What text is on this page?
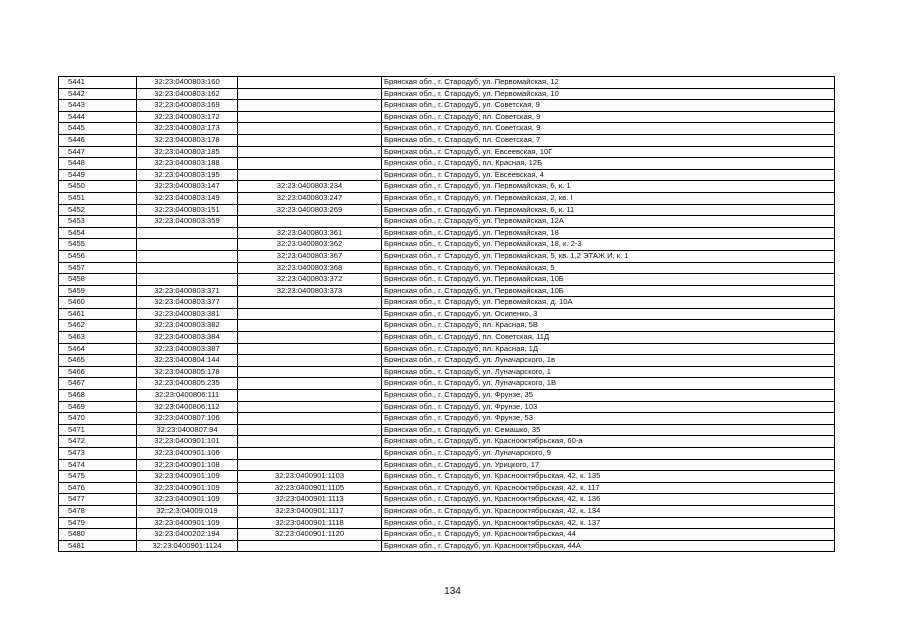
5441	32:23:0400803:160		Брянская обл., г. Стародуб, ул. Первомайская, 12
5442	32:23:0400803:162		Брянская обл., г. Стародуб, ул. Первомайская, 10
5443	32:23:0400803:169		Брянская обл., г. Стародуб, ул. Советская, 9
5444	32:23:0400803:172		Брянская обл., г. Стародуб, пл. Советская, 9
5445	32:23:0400803:173		Брянская обл., г. Стародуб, пл. Советская, 9
5446	32:23:0400803:178		Брянская обл., г. Стародуб, пл. Советская, 7
5447	32:23:0400803:185		Брянская обл., г. Стародуб, ул. Евсеевская, 10Г
5448	32:23:0400803:188		Брянская обл., г. Стародуб, пл. Красная, 12Б
5449	32:23:0400803:195		Брянская обл., г. Стародуб, ул. Евсеевская, 4
5450	32:23:0400803:147	32:23:0400803:234	Брянская обл., г. Стародуб, ул. Первомайская, 6, к. 1
5451	32:23:0400803:149	32:23:0400803:247	Брянская обл., г. Стародуб, ул. Первомайская, 2, кв. I
5452	32:23:0400803:151	32:23:0400803:269	Брянская обл., г. Стародуб, ул. Первомайская, 6, к. 11
5453	32:23:0400803:359		Брянская обл., г. Стародуб, ул. Первомайская, 12А
5454		32:23:0400803:361	Брянская обл., г. Стародуб, ул. Первомайская, 18
5455		32:23:0400803:362	Брянская обл., г. Стародуб, ул. Первомайская, 18, к. 2-3
5456		32:23:0400803:367	Брянская обл., г. Стародуб, ул. Первомайская, 5, кв. 1,2 ЭТАЖ И, к. 1
5457		32:23:0400803:368	Брянская обл., г. Стародуб, ул. Первомайская, 5
5458		32:23:0400803:372	Брянская обл., г. Стародуб, ул. Первомайская, 10Б
5459	32:23:0400803:371	32:23:0400803:373	Брянская обл., г. Стародуб, ул. Первомайская, 10Б
5460	32:23:0400803:377		Брянская обл., г. Стародуб, ул. Первомайская, д. 10А
5461	32:23:0400803:381		Брянская обл., г. Стародуб, ул. Осипенко, 3
5462	32:23:0400803:382		Брянская обл., г. Стародуб, пл. Красная, 5В
5463	32:23:0400803:384		Брянская обл., г. Стародуб, пл. Советская, 11Д
5464	32:23:0400803:387		Брянская обл., г. Стародуб, пл. Красная, 1Д
5465	32:23:0400804:144		Брянская обл., г. Стародуб, ул. Луначарского, 1в
5466	32:23:0400805:178		Брянская обл., г. Стародуб, ул. Луначарского, 1
5467	32:23:0400805:235		Брянская обл., г. Стародуб, ул. Луначарского, 1В
5468	32:23:0400806:111		Брянская обл., г. Стародуб, ул. Фрунзе, 35
5469	32:23:0400806:112		Брянская обл., г. Стародуб, ул. Фрунзе, 103
5470	32:23:0400807:106		Брянская обл., г. Стародуб, ул. Фрунзе, 53
5471	32:23:0400807:94		Брянская обл., г. Стародуб, ул. Семашко, 35
5472	32:23:0400901:101		Брянская обл., г. Стародуб, ул. Краснооктябрьская, 60-а
5473	32:23:0400901:106		Брянская обл., г. Стародуб, ул. Луначарского, 9
5474	32:23:0400901:108		Брянская обл., г. Стародуб, ул. Урицкого, 17
5475	32:23:0400901:109	32:23:0400901:1103	Брянская обл., г. Стародуб, ул. Краснооктябрьская, 42, к. 135
5476	32:23:0400901:109	32:23:0400901:1105	Брянская обл., г. Стародуб, ул. Краснооктябрьская, 42, к. 117
5477	32:23:0400901:109	32:23:0400901:1113	Брянская обл., г. Стародуб, ул. Краснооктябрьская, 42, к. 136
5478	32::2:3:04009:019	32:23:0400901:1117	Брянская обл., г. Стародуб, ул. Краснооктябрьская, 42, к. 134
5479	32:23:0400901:109	32:23:0400901:1118	Брянская обл., г. Стародуб, ул. Краснооктябрьская, 42, к. 137
5480	32:23:0400202:194	32:23:0400901:1120	Брянская обл., г. Стародуб, ул. Краснооктябрьская, 44
5481	32:23:0400901:1124		Брянская обл., г. Стародуб, ул. Краснооктябрьская, 44А
134
